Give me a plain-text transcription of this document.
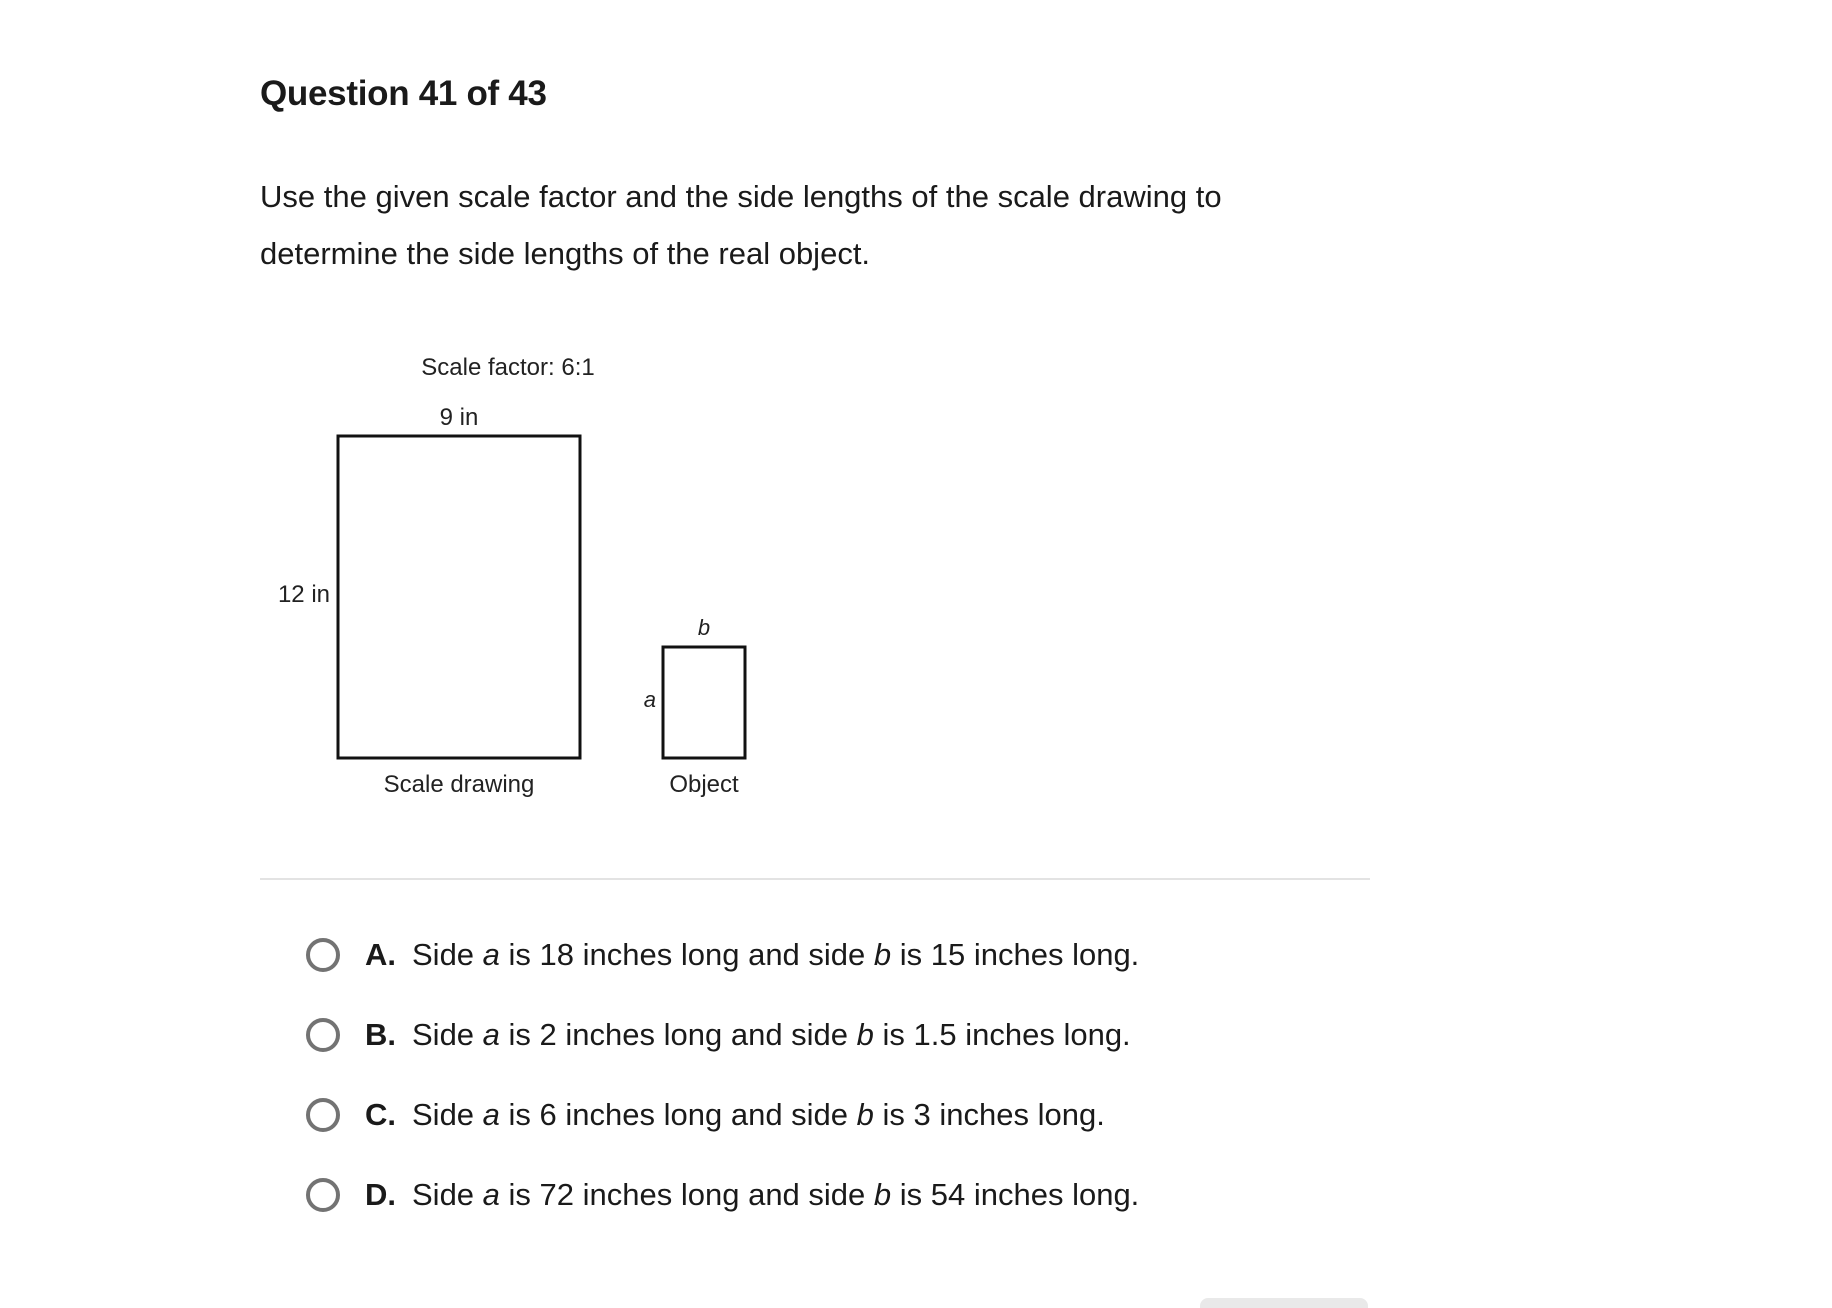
Question 41 of 43
Use the given scale factor and the side lengths of the scale drawing to determine the side lengths of the real object.
Scale factor: 6:1
9 in
12 in
Scale drawing
b
a
Object
A. Side a is 18 inches long and side b is 15 inches long.
B. Side a is 2 inches long and side b is 1.5 inches long.
C. Side a is 6 inches long and side b is 3 inches long.
D. Side a is 72 inches long and side b is 54 inches long.
